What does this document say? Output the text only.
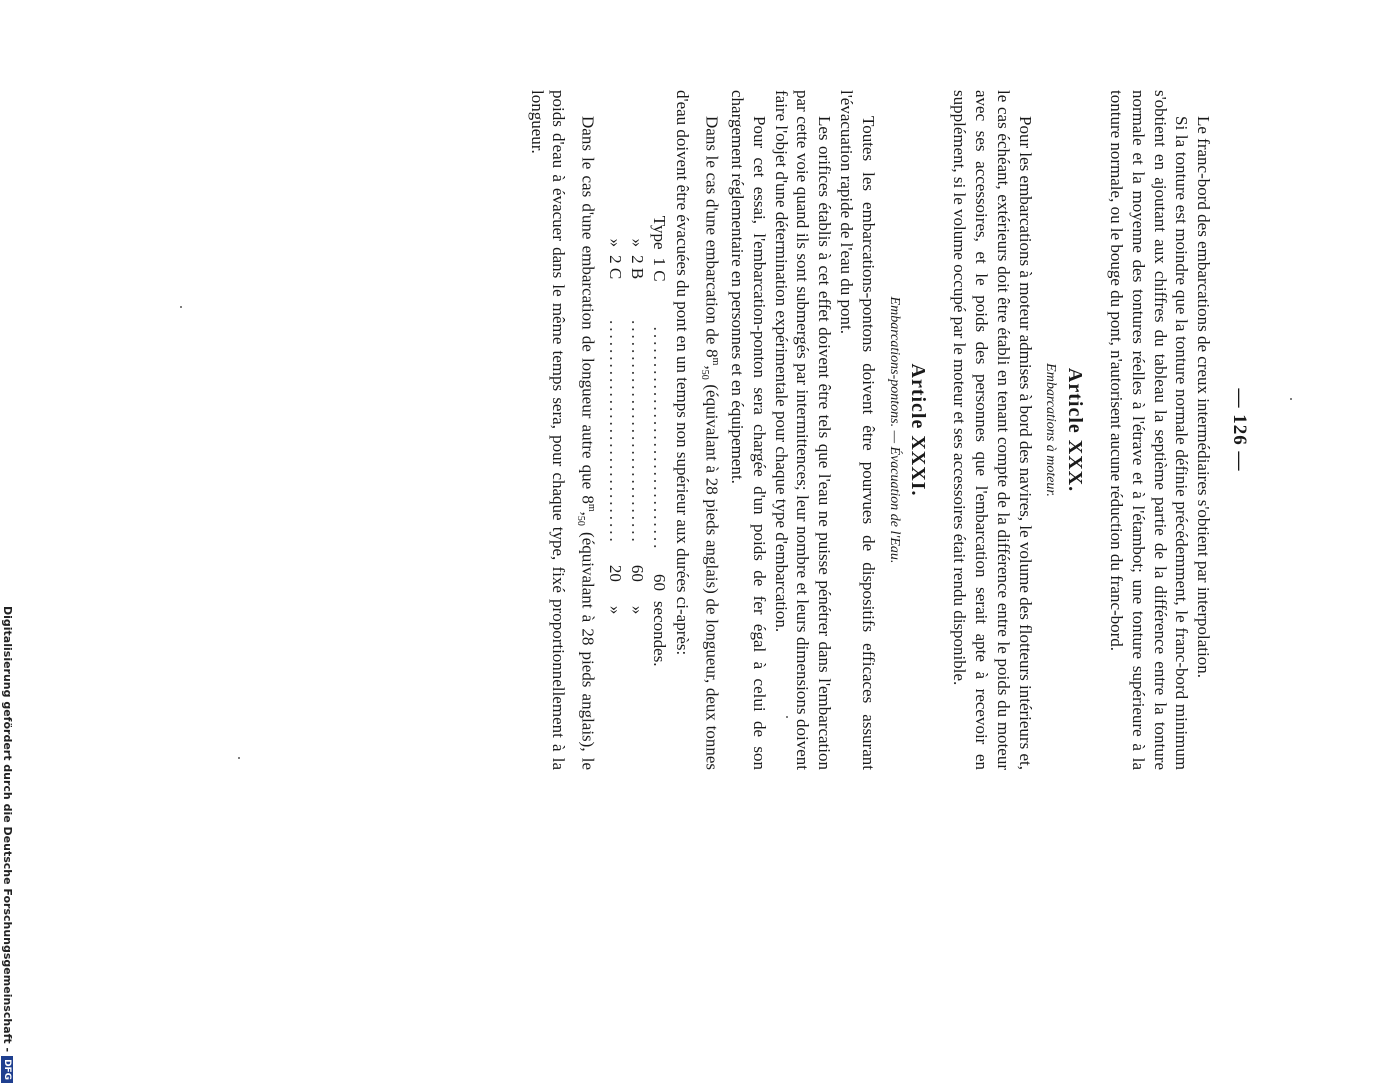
— 126 —

Le franc-bord des embarcations de creux intermédiaires s'obtient par interpolation.

Si la tonture est moindre que la tonture normale définie précédemment, le franc-bord minimum s'obtient en ajoutant aux chiffres du tableau la septième partie de la différence entre la tonture normale et la moyenne des tontures réelles à l'étrave et à l'étambot; une tonture supérieure à la tonture normale, ou le bouge du pont, n'autorisent aucune réduction du franc-bord.

Article XXX.
Embarcations à moteur.

Pour les embarcations à moteur admises à bord des navires, le volume des flotteurs intérieurs et, le cas échéant, extérieurs doit être établi en tenant compte de la différence entre le poids du moteur avec ses accessoires, et le poids des personnes que l'embarcation serait apte à recevoir en supplément, si le volume occupé par le moteur et ses accessoires était rendu disponible.

Article XXXI.
Embarcations-pontons. — Évacuation de l'Eau.

Toutes les embarcations-pontons doivent être pourvues de dispositifs efficaces assurant l'évacuation rapide de l'eau du pont.

Les orifices établis à cet effet doivent être tels que l'eau ne puisse pénétrer dans l'embarcation par cette voie quand ils sont submergés par intermittences; leur nombre et leurs dimensions doivent faire l'objet d'une détermination expérimentale pour chaque type d'embarcation.

Pour cet essai, l'embarcation-ponton sera chargée d'un poids de fer égal à celui de son chargement réglementaire en personnes et en équipement.

Dans le cas d'une embarcation de $8^m,_{50}$ (équivalant à 28 pieds anglais) de longueur, deux tonnes d'eau doivent être évacuées du pont en un temps non supérieur aux durées ci-après:

Type
1 C
...............................
60
secondes.
»
2 B
...............................
60
»
»
2 C
...............................
20
»

Dans le cas d'une embarcation de longueur autre que $8^m,_{50}$ (équivalant à 28 pieds anglais), le poids d'eau à évacuer dans le même temps sera, pour chaque type, fixé proportionnellement à la longueur.

Digitalisierung gefördert durch die Deutsche Forschungsgemeinschaft -
DFG
